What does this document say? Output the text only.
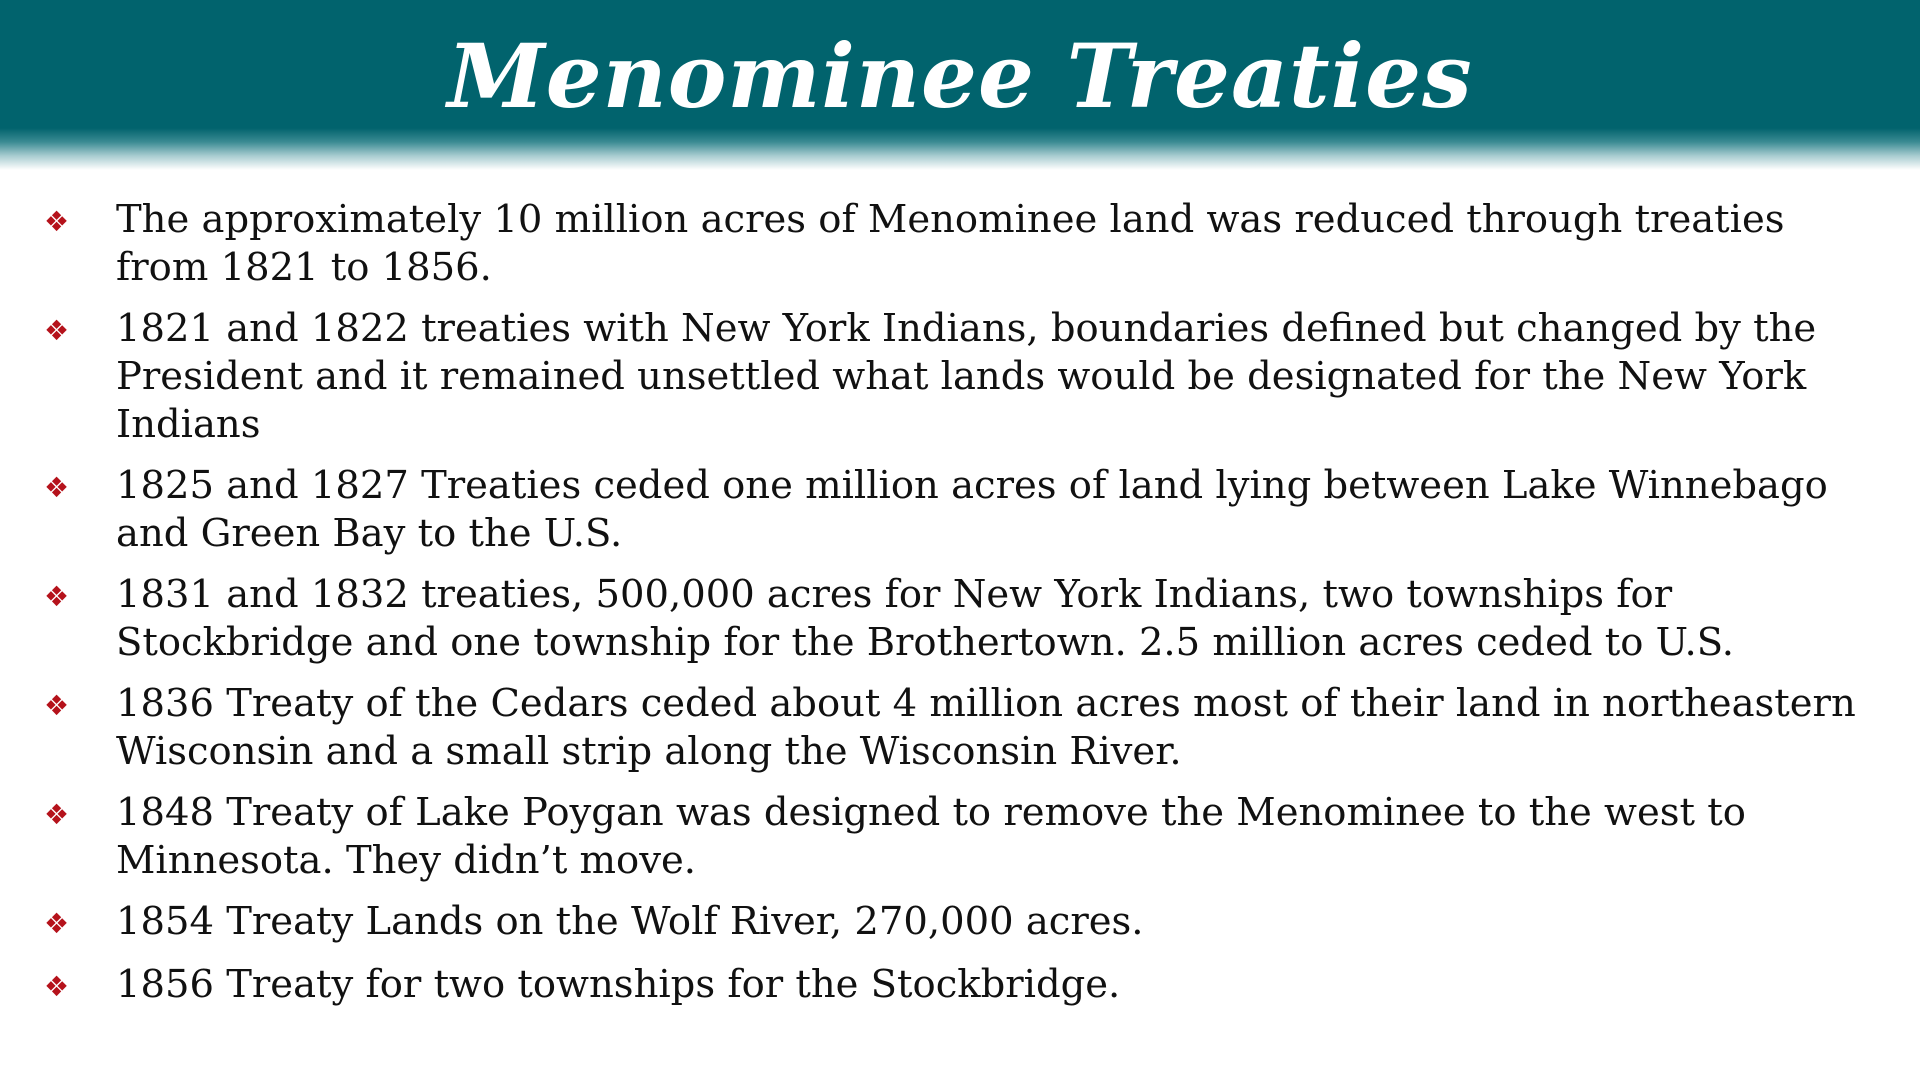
Menominee Treaties
❖	The approximately 10 million acres of Menominee land was reduced through treaties from 1821 to 1856.
❖	1821 and 1822 treaties with New York Indians, boundaries defined but changed by the President and it remained unsettled what lands would be designated for the New York Indians
❖	1825 and 1827 Treaties ceded one million acres of land lying between Lake Winnebago and Green Bay to the U.S.
❖	1831 and 1832 treaties, 500,000 acres for New York Indians, two townships for Stockbridge and one township for the Brothertown. 2.5 million acres ceded to U.S.
❖	1836 Treaty of the Cedars ceded about 4 million acres most of their land in northeastern Wisconsin and a small strip along the Wisconsin River.
❖	1848 Treaty of Lake Poygan was designed to remove the Menominee to the west to Minnesota. They didn’t move.
❖	1854 Treaty Lands on the Wolf River, 270,000 acres.
❖	1856 Treaty for two townships for the Stockbridge.
